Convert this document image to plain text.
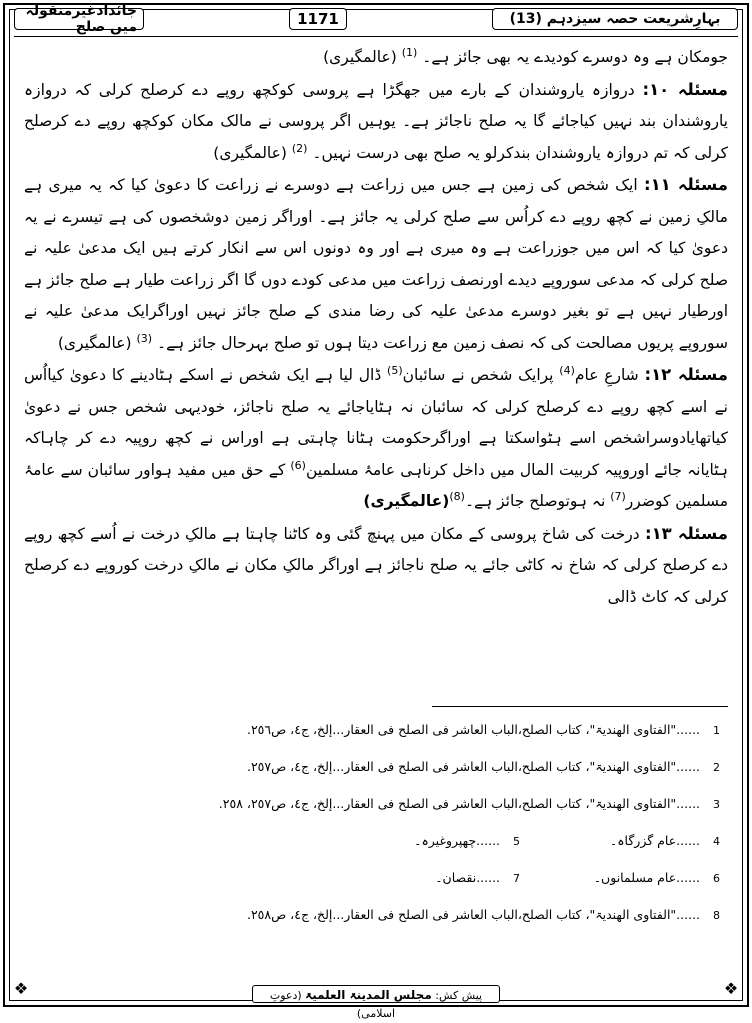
❖	❖
بہارِشریعت حصہ سیزدہم (13)
1171
جائدادغیرمنقولہ میں صلح

جومکان ہے وہ دوسرے کودیدے یہ بھی جائز ہے۔ $^{(1)}$ (عالمگیری)

مسئلہ ۱۰: دروازہ یاروشندان کے بارے میں جھگڑا ہے پروسی کوکچھ روپے دے کرصلح کرلی کہ دروازہ یاروشندان بند نہیں کیاجائے گا یہ صلح ناجائز ہے۔ یوہیں اگر پروسی نے مالک مکان کوکچھ روپے دے کرصلح کرلی کہ تم دروازہ یاروشندان بندکرلو یہ صلح بھی درست نہیں۔ $^{(2)}$ (عالمگیری)

مسئلہ ۱۱: ایک شخص کی زمین ہے جس میں زراعت ہے دوسرے نے زراعت کا دعویٰ کیا کہ یہ میری ہے مالکِ زمین نے کچھ روپے دے کراُس سے صلح کرلی یہ جائز ہے۔ اوراگر زمین دوشخصوں کی ہے تیسرے نے یہ دعویٰ کیا کہ اس میں جوزراعت ہے وہ میری ہے اور وہ دونوں اس سے انکار کرتے ہیں ایک مدعیٰ علیہ نے صلح کرلی کہ مدعی سوروپے دیدے اورنصف زراعت میں مدعی کودے دوں گا اگر زراعت طیار ہے صلح جائز ہے اورطیار نہیں ہے تو بغیر دوسرے مدعیٰ علیہ کی رضا مندی کے صلح جائز نہیں اوراگرایک مدعیٰ علیہ نے سوروپے پریوں مصالحت کی کہ نصف زمین مع زراعت دیتا ہوں تو صلح بہرحال جائز ہے۔ $^{(3)}$ (عالمگیری)

مسئلہ ۱۲: شارعِ عام$^{(4)}$ پرایک شخص نے سائبان$^{(5)}$ ڈال لیا ہے ایک شخص نے اسکے ہٹادینے کا دعویٰ کیااُس نے اسے کچھ روپے دے کرصلح کرلی کہ سائبان نہ ہٹایاجائے یہ صلح ناجائز، خودیہی شخص جس نے دعویٰ کیاتھایادوسراشخص اسے ہٹواسکتا ہے اوراگرحکومت ہٹانا چاہتی ہے اوراس نے کچھ روپیہ دے کر چاہاکہ ہٹایانہ جائے اوروپیہ کربیت المال میں داخل کرناہی عامۂ مسلمین$^{(6)}$ کے حق میں مفید ہواور سائبان سے عامۂ مسلمین کوضرر$^{(7)}$ نہ ہوتوصلح جائز ہے۔$^{(8)}$(عالمگیری)

مسئلہ ۱۳: درخت کی شاخ پروسی کے مکان میں پہنچ گئی وہ کاٹنا چاہتا ہے مالکِ درخت نے اُسے کچھ روپے دے کرصلح کرلی کہ شاخ نہ کاٹی جائے یہ صلح ناجائز ہے اوراگر مالکِ مکان نے مالکِ درخت کوروپے دے کرصلح کرلی کہ کاٹ ڈالی

1 ......"الفتاوی الھندیۃ"، کتاب الصلح،الباب العاشر فی الصلح فی العقار...إلخ، ج٤، ص٢٥٦.
2 ......"الفتاوی الھندیۃ"، کتاب الصلح،الباب العاشر فی الصلح فی العقار...إلخ، ج٤، ص٢٥٧.
3 ......"الفتاوی الھندیۃ"، کتاب الصلح،الباب العاشر فی الصلح فی العقار...إلخ، ج٤، ص٢٥٧، ٢٥٨.
4 ......عام گزرگاہ۔
5 ......چھپروغیرہ۔
6 ......عام مسلمانوں۔
7 ......نقصان۔
8 ......"الفتاوی الھندیۃ"، کتاب الصلح،الباب العاشر فی الصلح فی العقار...إلخ، ج٤، ص٢٥٨.
پیش کش: مجلس المدینۃ العلمیۃ (دعوتِ اسلامی)
